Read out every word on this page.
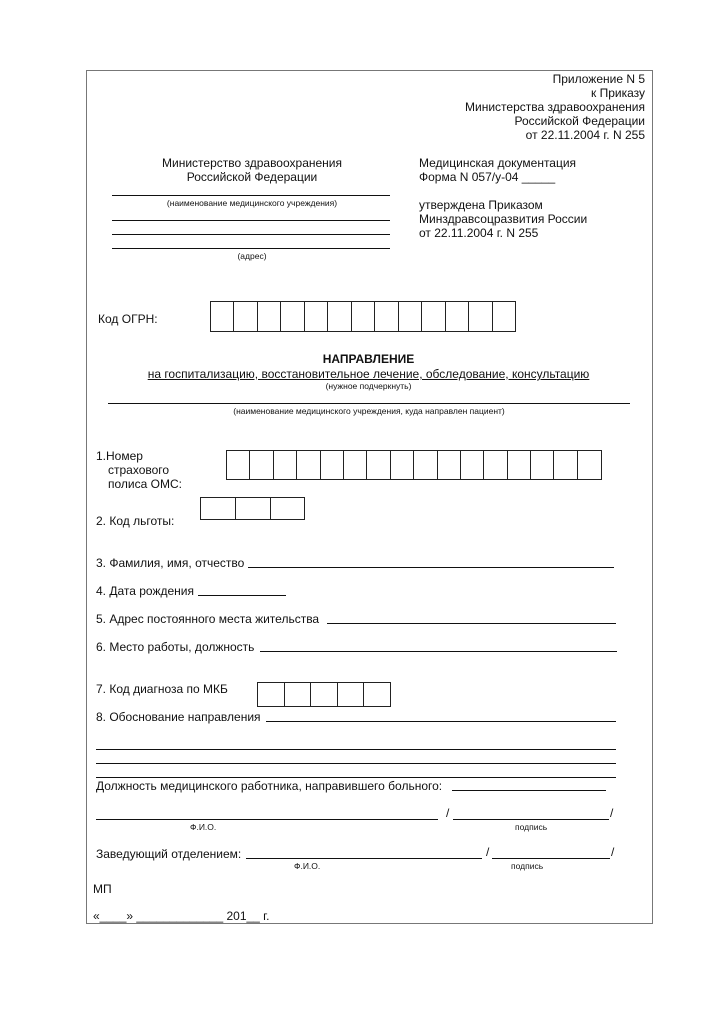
Приложение N 5
к Приказу
Министерства здравоохранения
Российской Федерации
от 22.11.2004 г. N 255
Министерство здравоохранения
Российской Федерации
(наименование медицинского учреждения)
(адрес)
Медицинская документация
Форма N 057/у-04 _____
утверждена Приказом
Минздравсоцразвития России
от 22.11.2004 г. N 255
Код ОГРН:
НАПРАВЛЕНИЕ
на госпитализацию, восстановительное лечение, обследование, консультацию
(нужное подчеркнуть)
(наименование медицинского учреждения, куда направлен пациент)
1.Номер
страхового
полиса ОМС:
2. Код льготы:
3. Фамилия, имя, отчество
4. Дата рождения
5. Адрес постоянного места жительства
6. Место работы, должность
7. Код диагноза по МКБ
8. Обоснование направления
Должность медицинского работника, направившего больного:
/	/
Ф.И.О.	подпись
Заведующий отделением:	/	/
Ф.И.О.	подпись
МП
«____» _____________ 201__ г.
